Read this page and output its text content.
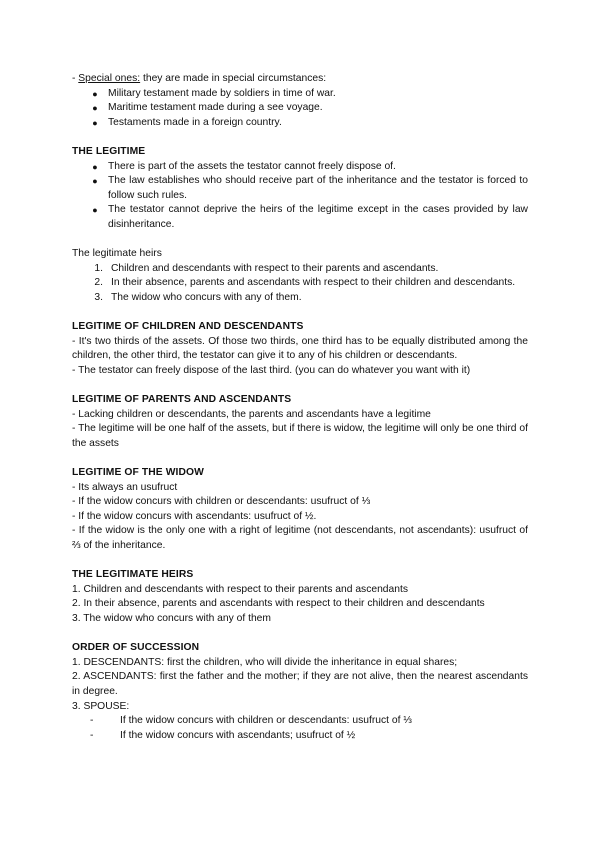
- Special ones: they are made in special circumstances:

● Military testament made by soldiers in time of war.
● Maritime testament made during a see voyage.
● Testaments made in a foreign country.

THE LEGITIME

● There is part of the assets the testator cannot freely dispose of.
● The law establishes who should receive part of the inheritance and the testator is forced to follow such rules.
● The testator cannot deprive the heirs of the legitime except in the cases provided by law disinheritance.

The legitimate heirs

1. Children and descendants with respect to their parents and ascendants.
2. In their absence, parents and ascendants with respect to their children and descendants.
3. The widow who concurs with any of them.

LEGITIME OF CHILDREN AND DESCENDANTS

- It's two thirds of the assets. Of those two thirds, one third has to be equally distributed among the children, the other third, the testator can give it to any of his children or descendants.

- The testator can freely dispose of the last third. (you can do whatever you want with it)

LEGITIME OF PARENTS AND ASCENDANTS

- Lacking children or descendants, the parents and ascendants have a legitime

- The legitime will be one half of the assets, but if there is widow, the legitime will only be one third of the assets

LEGITIME OF THE WIDOW

- Its always an usufruct

- If the widow concurs with children or descendants: usufruct of ⅓

- If the widow concurs with ascendants: usufruct of ½.

- If the widow is the only one with a right of legitime (not descendants, not ascendants): usufruct of ⅔ of the inheritance.

THE LEGITIMATE HEIRS

1. Children and descendants with respect to their parents and ascendants

2. In their absence, parents and ascendants with respect to their children and descendants

3. The widow who concurs with any of them

ORDER OF SUCCESSION

1. DESCENDANTS: first the children, who will divide the inheritance in equal shares;

2. ASCENDANTS: first the father and the mother; if they are not alive, then the nearest ascendants in degree.

3. SPOUSE:

-	If the widow concurs with children or descendants: usufruct of ⅓
-	If the widow concurs with ascendants; usufruct of ½
